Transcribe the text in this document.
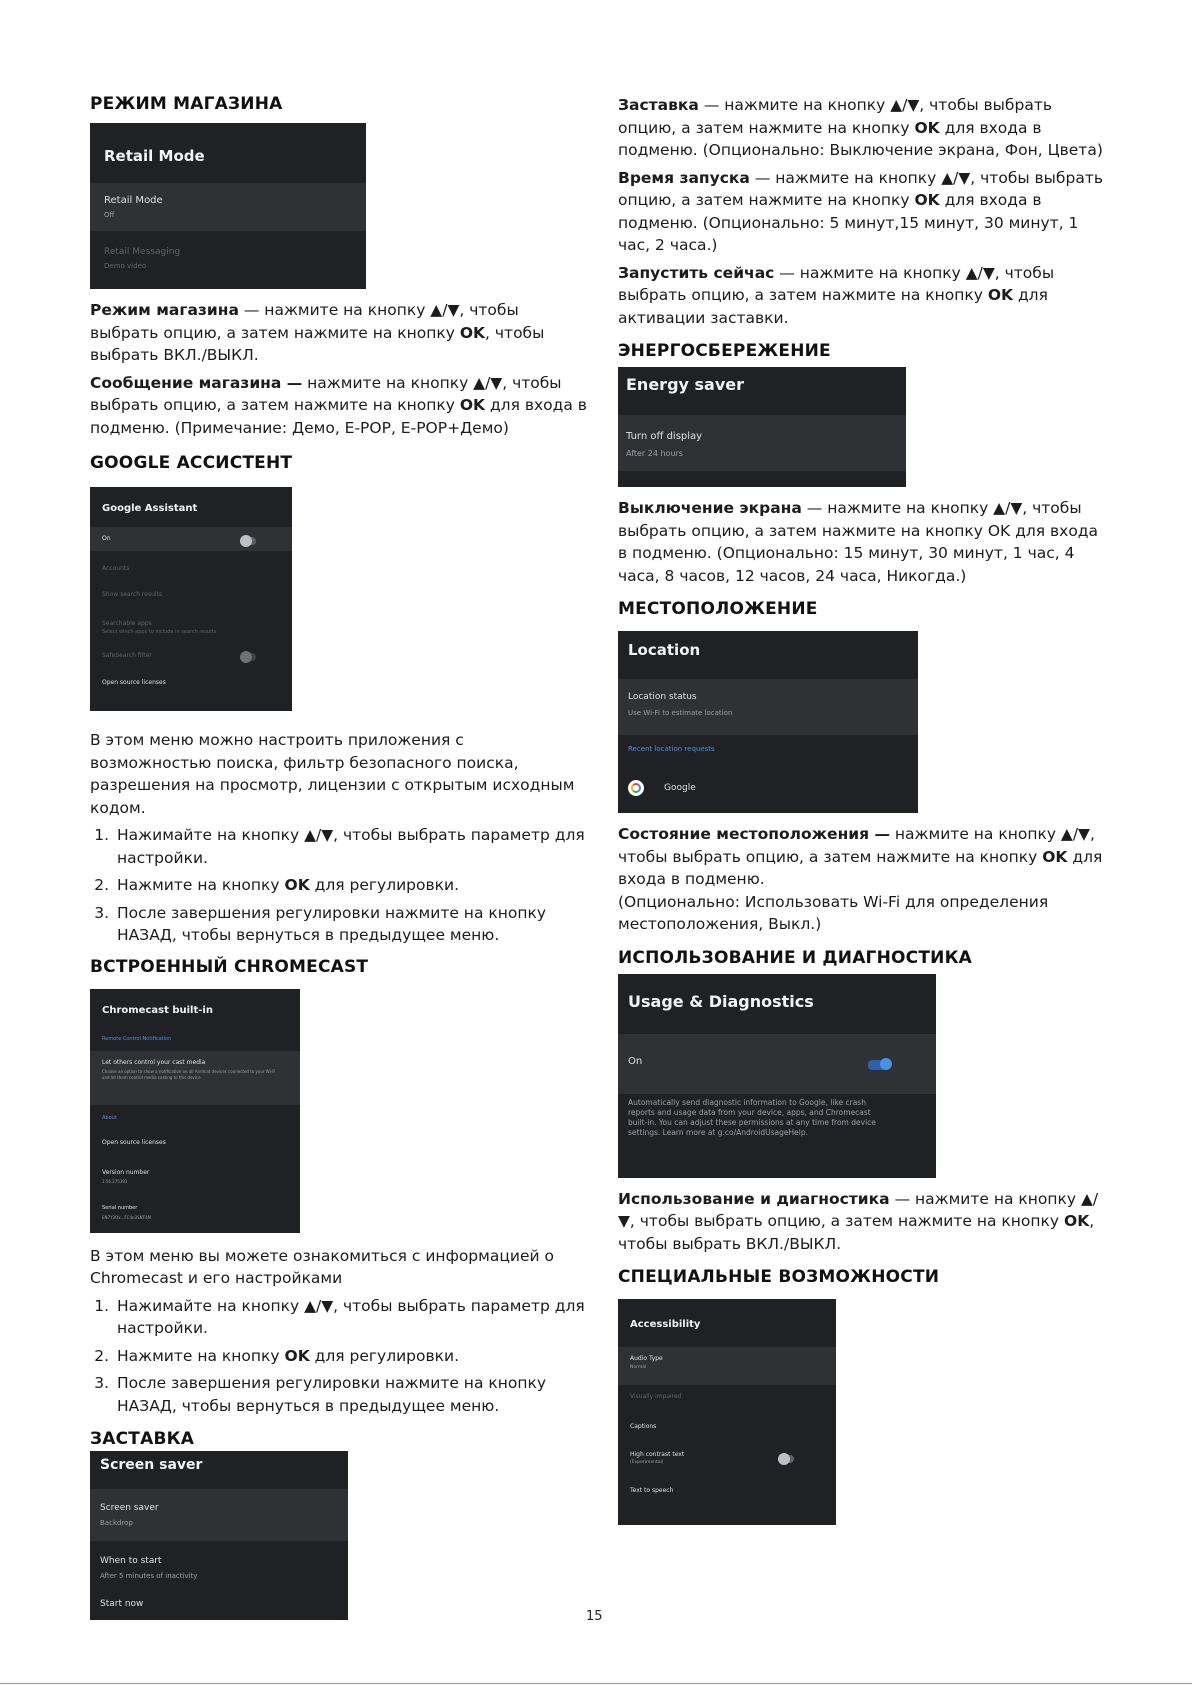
РЕЖИМ МАГАЗИНА
Retail Mode
Retail Mode
Off
Retail Messaging
Demo video

Режим магазина — нажмите на кнопку ▲/▼, чтобы выбрать опцию, а затем нажмите на кнопку OK, чтобы выбрать ВКЛ./ВЫКЛ.

Сообщение магазина — нажмите на кнопку ▲/▼, чтобы выбрать опцию, а затем нажмите на кнопку OK для входа в подменю. (Примечание: Демо, E-POP, E-POP+Демо)

GOOGLE АССИСТЕНТ
Google Assistant
On
Accounts
Show search results
Searchable apps
Select which apps to include in search results
SafeSearch filter
Open source licenses

В этом меню можно настроить приложения с возможностью поиска, фильтр безопасного поиска, разрешения на просмотр, лицензии с открытым исходным кодом.

1. Нажимайте на кнопку ▲/▼, чтобы выбрать параметр для настройки.
2. Нажмите на кнопку OK для регулировки.
3. После завершения регулировки нажмите на кнопку НАЗАД, чтобы вернуться в предыдущее меню.
ВСТРОЕННЫЙ CHROMECAST
Chromecast built-in
Remote Control Notification
Let others control your cast media
Choose an option to show a notification on all Android devices connected to your Wi-Fi and let them control media casting to this device
About
Open source licenses
Version number
1.56.275391
Serial number
EN7Y3Ox...FC4n3SNT4M

В этом меню вы можете ознакомиться с информацией о Chromecast и его настройками

1. Нажимайте на кнопку ▲/▼, чтобы выбрать параметр для настройки.
2. Нажмите на кнопку OK для регулировки.
3. После завершения регулировки нажмите на кнопку НАЗАД, чтобы вернуться в предыдущее меню.
ЗАСТАВКА
Screen saver
Screen saver
Backdrop
When to start
After 5 minutes of inactivity
Start now

Заставка — нажмите на кнопку ▲/▼, чтобы выбрать опцию, а затем нажмите на кнопку OK для входа в подменю. (Опционально: Выключение экрана, Фон, Цвета)

Время запуска — нажмите на кнопку ▲/▼, чтобы выбрать опцию, а затем нажмите на кнопку OK для входа в подменю. (Опционально: 5 минут,15 минут, 30 минут, 1 час, 2 часа.)

Запустить сейчас — нажмите на кнопку ▲/▼, чтобы выбрать опцию, а затем нажмите на кнопку OK для активации заставки.

ЭНЕРГОСБЕРЕЖЕНИЕ
Energy saver
Turn off display
After 24 hours

Выключение экрана — нажмите на кнопку ▲/▼, чтобы выбрать опцию, а затем нажмите на кнопку OK для входа в подменю. (Опционально: 15 минут, 30 минут, 1 час, 4 часа, 8 часов, 12 часов, 24 часа, Никогда.)

МЕСТОПОЛОЖЕНИЕ
Location
Location status
Use Wi-Fi to estimate location
Recent location requests
Google

Состояние местоположения — нажмите на кнопку ▲/▼, чтобы выбрать опцию, а затем нажмите на кнопку OK для входа в подменю.
(Опционально: Использовать Wi-Fi для определения местоположения, Выкл.)

ИСПОЛЬЗОВАНИЕ И ДИАГНОСТИКА
Usage & Diagnostics
On
Automatically send diagnostic information to Google, like crash reports and usage data from your device, apps, and Chromecast built-in. You can adjust these permissions at any time from device settings. Learn more at g.co/AndroidUsageHelp.

Использование и диагностика — нажмите на кнопку ▲/▼, чтобы выбрать опцию, а затем нажмите на кнопку OK, чтобы выбрать ВКЛ./ВЫКЛ.

СПЕЦИАЛЬНЫЕ ВОЗМОЖНОСТИ
Accessibility
Audio Type
Normal
Visually impaired
Captions
High contrast text
(Experimental)
Text to speech
15
